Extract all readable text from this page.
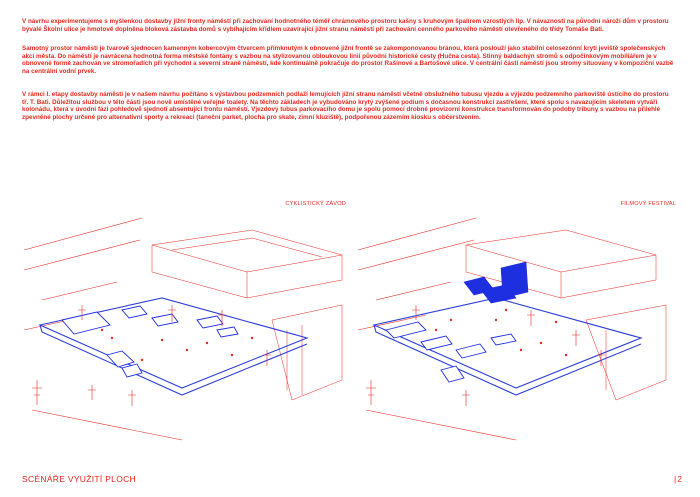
V návrhu experimentujeme s myšlenkou dostavby jižní fronty náměstí při zachování hodnotného téměř chrámového prostoru kašny s kruhovým špalírem vzrostlých lip. V návaznosti na původní nároží dům v prostoru bývalé Školní ulice je hmotově doplněna bloková zástavba domů s vybíhajícím křídlem uzavírající jižní stranu náměstí při zachování cenného parkového náměstí otevřeného do třídy Tomáše Bati.

Samotný prostor náměstí je tvarově sjednocen kamenným kobercovým čtvercem přímknutým k obnovené jižní frontě se zakomponovanou bránou, která poslouží jako stabilní celosezónní krytí jeviště společenských akcí města. Do náměstí je navrácena hodnotná forma městské fontány s vazbou na stylizovanou obloukovou linii původní historické cesty (Hučna cesta). Stinný baldachýn stromů s odpočinkovým mobiliářem je v obnovené formě zachován ve stromořadích při východní a severní straně náměstí, kde kontinuálně pokračuje do prostor Rašínové a Bartošové ulice. V centrální části náměstí jsou stromy situovány v kompoziční vazbě na centrální vodní prvek.

V rámci I. etapy dostavby náměstí je v našem návrhu počítáno s výstavbou podzemních podlaží lemujících jižní stranu náměstí včetně obslužného tubusu vjezdu a výjezdu podzemního parkoviště ústícího do prostoru tř. T. Bati. Důležitou službou v této části jsou nově umístěné veřejné toalety. Na těchto základech je vybudováno krytý zvýšené podium s dočasnou konstrukcí zastřešení, které spolu s navazujícím skeletem vytváří kolonádu, která v úvodní fázi pohledově sjednotí absentující frontu náměstí. Vjezdový tubus parkovacího domu je spolu pomocí drobné provizorní konstrukce transformován do podoby tribuny s vazbou na přilehlé zpevněné plochy určené pro alternativní sporty a rekreaci (taneční parket, plocha pro skate, zimní kluziště), podpořenou zázemím kiosku s občerstvením.

CYKLISTICKÝ ZÁVOD	FILMOVÝ FESTIVAL
SCÉNÁŘE VYUŽITÍ PLOCH	|2
